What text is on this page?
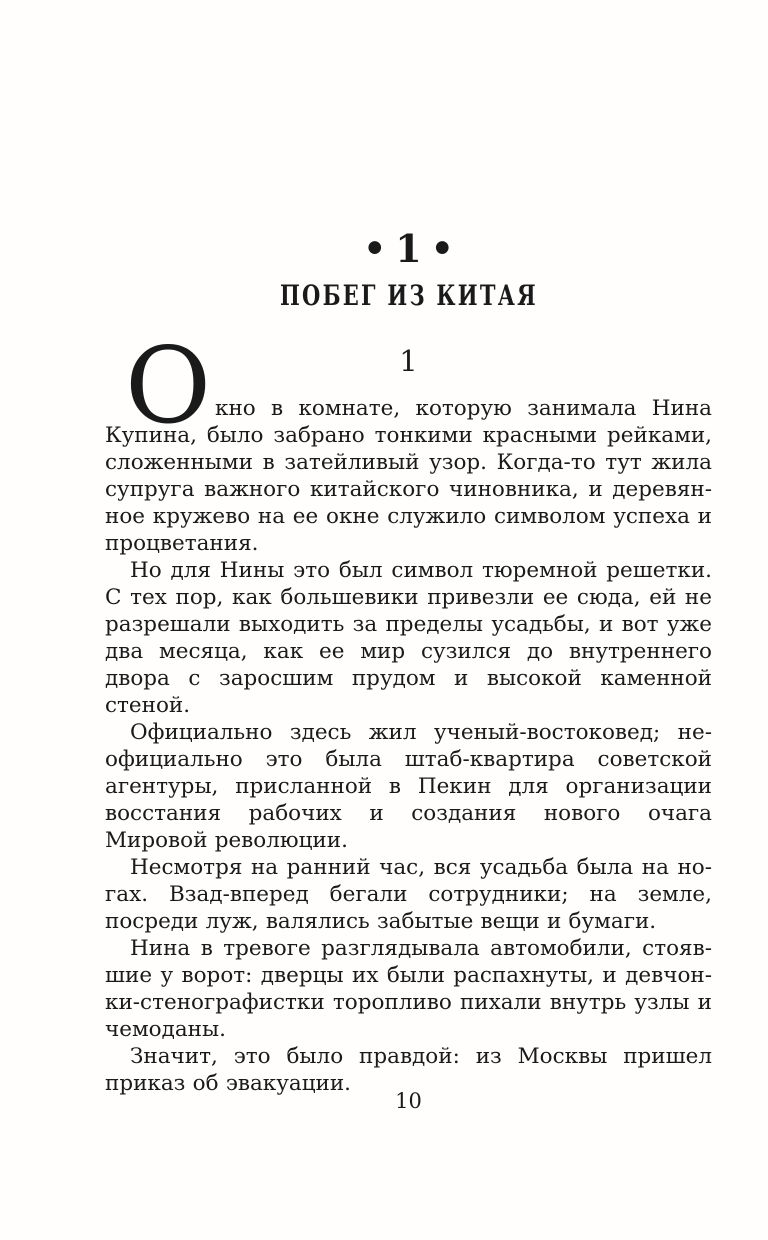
• 1 •
ПОБЕГ ИЗ КИТАЯ
1

О кно в комнате, которую занимала Нина Купина, было забрано тонкими красными рейками, сложенными в затейливый узор. Когда-то тут жила супруга важного китайского чиновника, и деревянное кружево на ее окне служило символом успеха и процветания.

Но для Нины это был символ тюремной решетки. С тех пор, как большевики привезли ее сюда, ей не разрешали выходить за пределы усадьбы, и вот уже два месяца, как ее мир сузился до внутреннего двора с заросшим прудом и высокой каменной стеной.

Официально здесь жил ученый-востоковед; неофициально это была штаб-квартира советской агентуры, присланной в Пекин для организации восстания рабочих и создания нового очага Мировой революции.

Несмотря на ранний час, вся усадьба была на ногах. Взад-вперед бегали сотрудники; на земле, посреди луж, валялись забытые вещи и бумаги.

Нина в тревоге разглядывала автомобили, стоявшие у ворот: дверцы их были распахнуты, и девчонки-стенографистки торопливо пихали внутрь узлы и чемоданы.

Значит, это было правдой: из Москвы пришел приказ об эвакуации.

10
